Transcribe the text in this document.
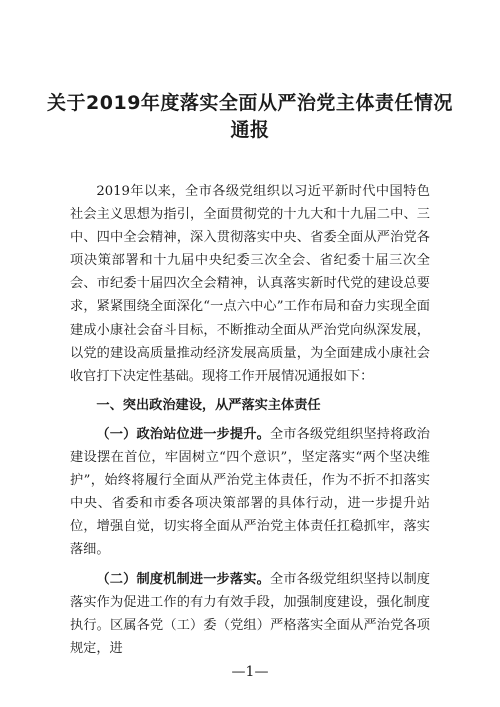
关于2019年度落实全面从严治党主体责任情况通报

2019年以来，全市各级党组织以习近平新时代中国特色社会主义思想为指引，全面贯彻党的十九大和十九届二中、三中、四中全会精神，深入贯彻落实中央、省委全面从严治党各项决策部署和十九届中央纪委三次全会、省纪委十届三次全会、市纪委十届四次全会精神，认真落实新时代党的建设总要求，紧紧围绕全面深化“一点六中心”工作布局和奋力实现全面建成小康社会奋斗目标，不断推动全面从严治党向纵深发展，以党的建设高质量推动经济发展高质量，为全面建成小康社会收官打下决定性基础。现将工作开展情况通报如下：

一、突出政治建设，从严落实主体责任

（一）政治站位进一步提升。全市各级党组织坚持将政治建设摆在首位，牢固树立“四个意识”，坚定落实“两个坚决维护”，始终将履行全面从严治党主体责任，作为不折不扣落实中央、省委和市委各项决策部署的具体行动，进一步提升站位，增强自觉，切实将全面从严治党主体责任扛稳抓牢，落实落细。

（二）制度机制进一步落实。全市各级党组织坚持以制度落实作为促进工作的有力有效手段，加强制度建设，强化制度执行。区属各党（工）委（党组）严格落实全面从严治党各项规定，进

—1—
